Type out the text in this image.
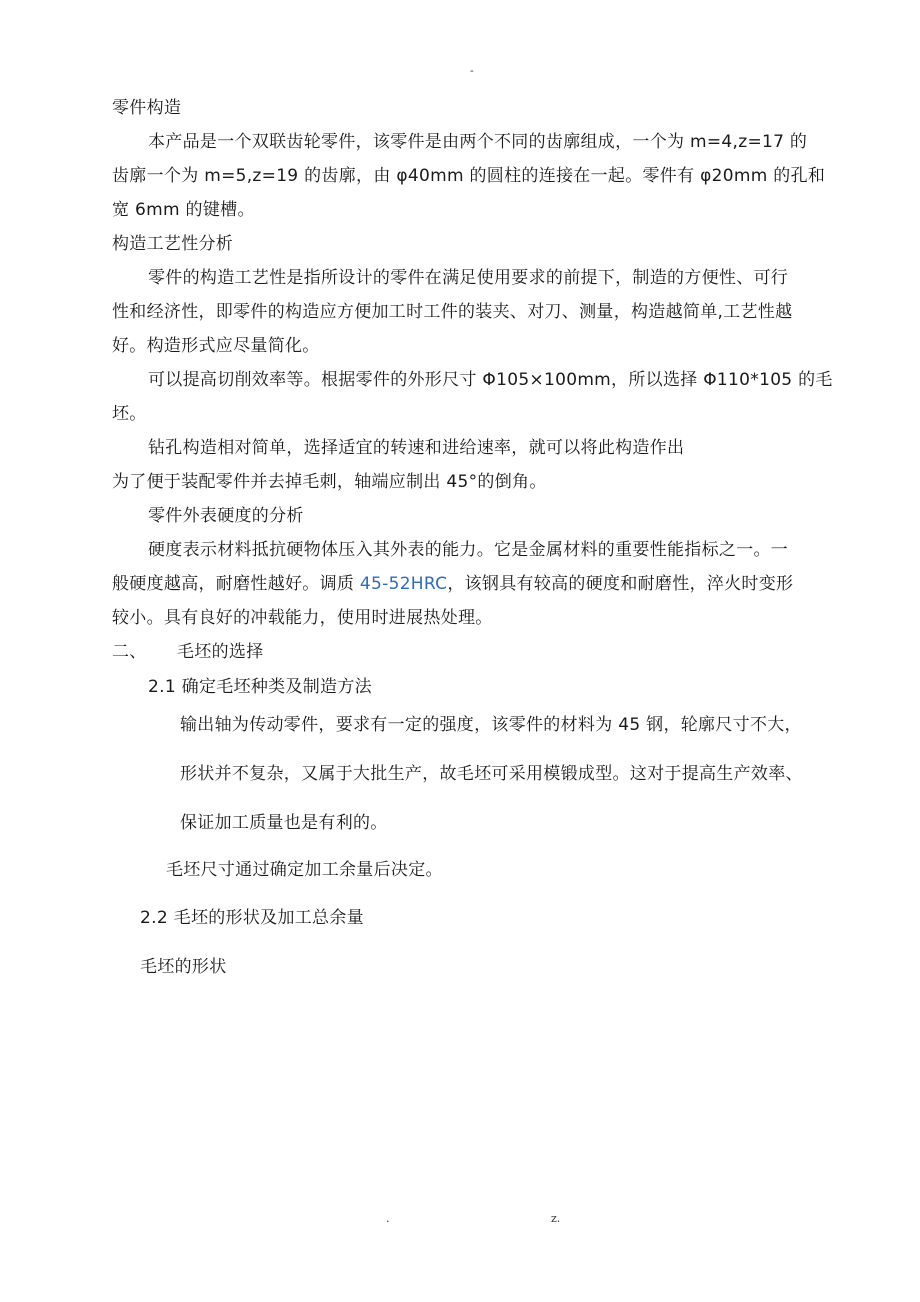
-
零件构造
本产品是一个双联齿轮零件，该零件是由两个不同的齿廓组成，一个为 m=4,z=17 的
齿廓一个为 m=5,z=19 的齿廓，由 φ40mm 的圆柱的连接在一起。零件有 φ20mm 的孔和
宽 6mm 的键槽。
构造工艺性分析
零件的构造工艺性是指所设计的零件在满足使用要求的前提下，制造的方便性、可行
性和经济性，即零件的构造应方便加工时工件的装夹、对刀、测量，构造越简单,工艺性越
好。构造形式应尽量简化。
可以提高切削效率等。根据零件的外形尺寸 Φ105×100mm，所以选择 Φ110*105 的毛
坯。
钻孔构造相对简单，选择适宜的转速和进给速率，就可以将此构造作出
为了便于装配零件并去掉毛刺，轴端应制出 45°的倒角。
零件外表硬度的分析
硬度表示材料抵抗硬物体压入其外表的能力。它是金属材料的重要性能指标之一。一
般硬度越高，耐磨性越好。调质 45-52HRC，该钢具有较高的硬度和耐磨性，淬火时变形
较小。具有良好的冲载能力，使用时进展热处理。
二、 毛坯的选择
2.1 确定毛坯种类及制造方法
输出轴为传动零件，要求有一定的强度，该零件的材料为 45 钢，轮廓尺寸不大，
形状并不复杂，又属于大批生产，故毛坯可采用模锻成型。这对于提高生产效率、
保证加工质量也是有利的。
毛坯尺寸通过确定加工余量后决定。
2.2 毛坯的形状及加工总余量
毛坯的形状
.	z.
